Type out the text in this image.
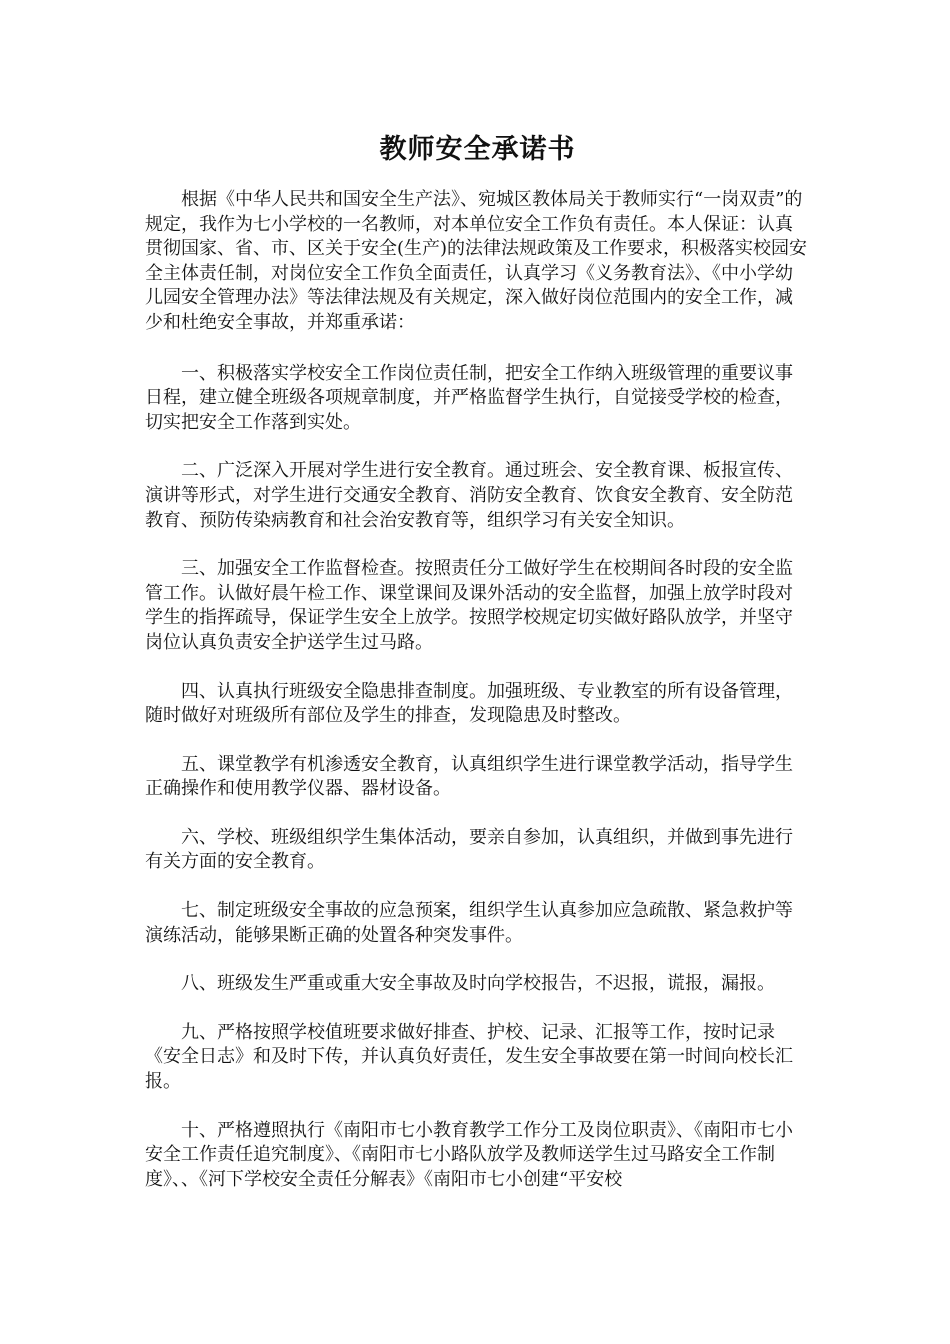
教师安全承诺书

根据《中华人民共和国安全生产法》、宛城区教体局关于教师实行“一岗双责”的规定，我作为七小学校的一名教师，对本单位安全工作负有责任。本人保证：认真贯彻国家、省、市、区关于安全(生产)的法律法规政策及工作要求，积极落实校园安全主体责任制，对岗位安全工作负全面责任，认真学习《义务教育法》、《中小学幼儿园安全管理办法》等法律法规及有关规定，深入做好岗位范围内的安全工作，减少和杜绝安全事故，并郑重承诺：

一、积极落实学校安全工作岗位责任制，把安全工作纳入班级管理的重要议事日程，建立健全班级各项规章制度，并严格监督学生执行，自觉接受学校的检查，切实把安全工作落到实处。

二、广泛深入开展对学生进行安全教育。通过班会、安全教育课、板报宣传、演讲等形式，对学生进行交通安全教育、消防安全教育、饮食安全教育、安全防范教育、预防传染病教育和社会治安教育等，组织学习有关安全知识。

三、加强安全工作监督检查。按照责任分工做好学生在校期间各时段的安全监管工作。认做好晨午检工作、课堂课间及课外活动的安全监督，加强上放学时段对学生的指挥疏导，保证学生安全上放学。按照学校规定切实做好路队放学，并坚守岗位认真负责安全护送学生过马路。

四、认真执行班级安全隐患排查制度。加强班级、专业教室的所有设备管理，随时做好对班级所有部位及学生的排查，发现隐患及时整改。

五、课堂教学有机渗透安全教育，认真组织学生进行课堂教学活动，指导学生正确操作和使用教学仪器、器材设备。

六、学校、班级组织学生集体活动，要亲自参加，认真组织，并做到事先进行有关方面的安全教育。

七、制定班级安全事故的应急预案，组织学生认真参加应急疏散、紧急救护等演练活动，能够果断正确的处置各种突发事件。

八、班级发生严重或重大安全事故及时向学校报告，不迟报，谎报，漏报。

九、严格按照学校值班要求做好排查、护校、记录、汇报等工作，按时记录《安全日志》和及时下传，并认真负好责任，发生安全事故要在第一时间向校长汇报。

十、严格遵照执行《南阳市七小教育教学工作分工及岗位职责》、《南阳市七小安全工作责任追究制度》、《南阳市七小路队放学及教师送学生过马路安全工作制度》、、《河下学校安全责任分解表》《南阳市七小创建“平安校
